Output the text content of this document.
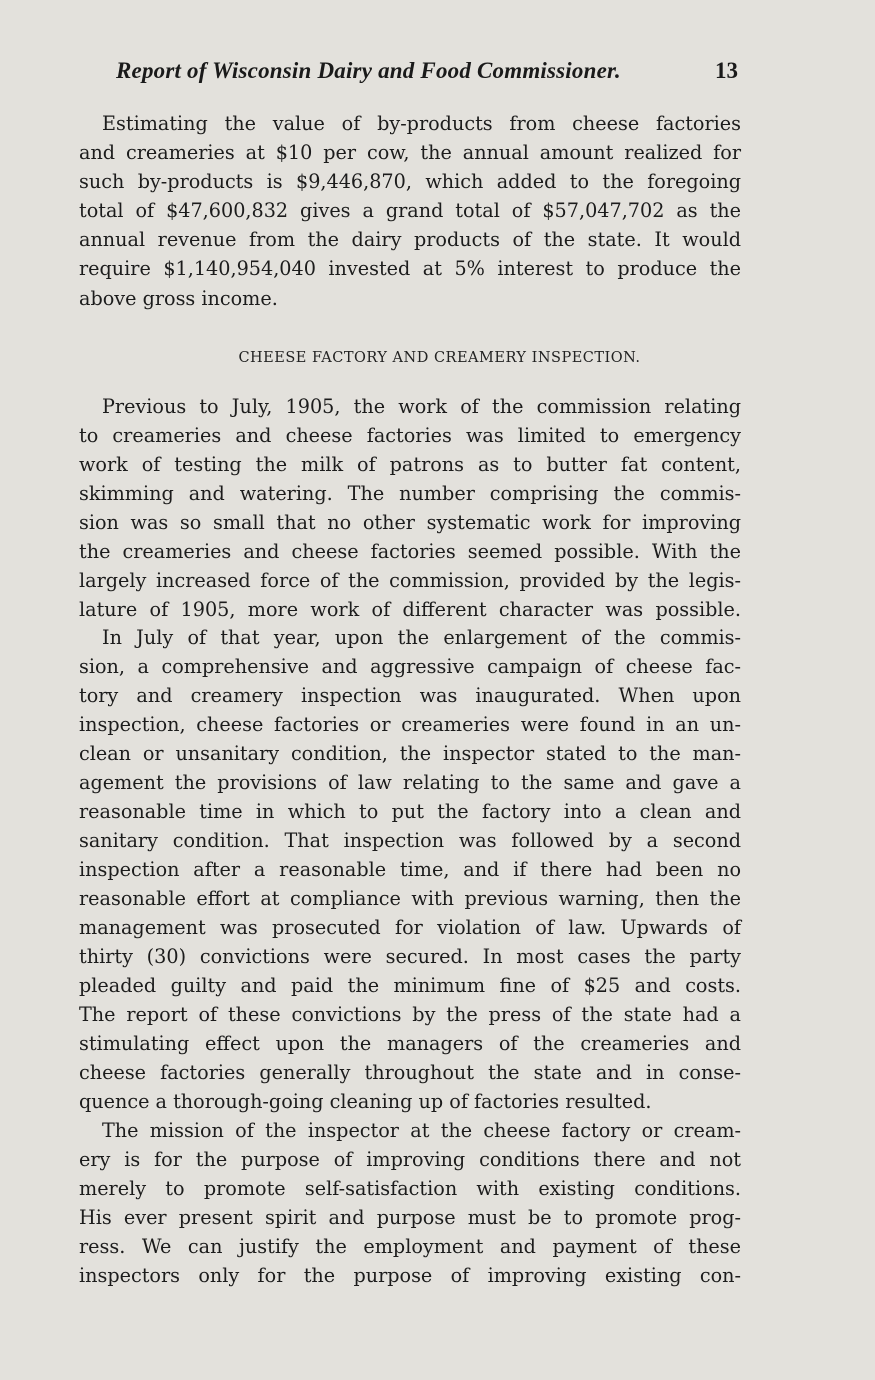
Report of Wisconsin Dairy and Food Commissioner.	13
Estimating the value of by-products from cheese factories
and creameries at $10 per cow, the annual amount realized for
such by-products is $9,446,870, which added to the foregoing
total of $47,600,832 gives a grand total of $57,047,702 as the
annual revenue from the dairy products of the state. It would
require $1,140,954,040 invested at 5% interest to produce the
above gross income.
CHEESE FACTORY AND CREAMERY INSPECTION.
Previous to July, 1905, the work of the commission relating
to creameries and cheese factories was limited to emergency
work of testing the milk of patrons as to butter fat content,
skimming and watering. The number comprising the commis-
sion was so small that no other systematic work for improving
the creameries and cheese factories seemed possible. With the
largely increased force of the commission, provided by the legis-
lature of 1905, more work of different character was possible.
In July of that year, upon the enlargement of the commis-
sion, a comprehensive and aggressive campaign of cheese fac-
tory and creamery inspection was inaugurated. When upon
inspection, cheese factories or creameries were found in an un-
clean or unsanitary condition, the inspector stated to the man-
agement the provisions of law relating to the same and gave a
reasonable time in which to put the factory into a clean and
sanitary condition. That inspection was followed by a second
inspection after a reasonable time, and if there had been no
reasonable effort at compliance with previous warning, then the
management was prosecuted for violation of law. Upwards of
thirty (30) convictions were secured. In most cases the party
pleaded guilty and paid the minimum fine of $25 and costs.
The report of these convictions by the press of the state had a
stimulating effect upon the managers of the creameries and
cheese factories generally throughout the state and in conse-
quence a thorough-going cleaning up of factories resulted.
The mission of the inspector at the cheese factory or cream-
ery is for the purpose of improving conditions there and not
merely to promote self-satisfaction with existing conditions.
His ever present spirit and purpose must be to promote prog-
ress. We can justify the employment and payment of these
inspectors only for the purpose of improving existing con-
